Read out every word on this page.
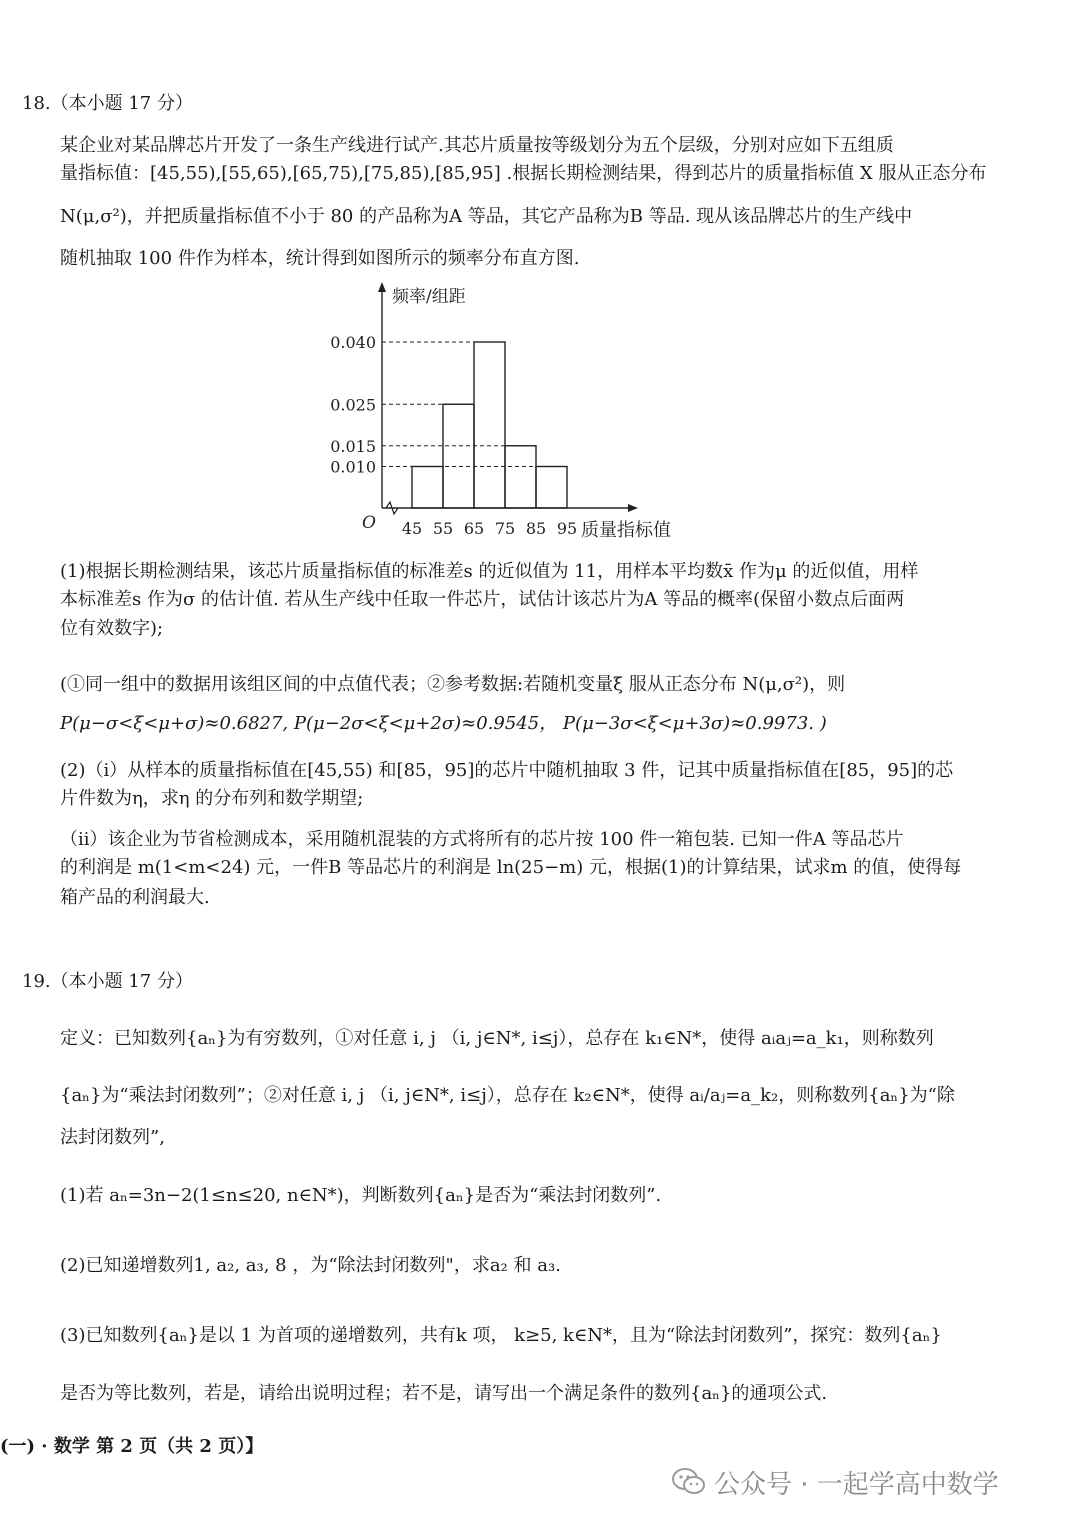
18.（本小题 17 分）
某企业对某品牌芯片开发了一条生产线进行试产.其芯片质量按等级划分为五个层级，分别对应如下五组质
量指标值：[45,55),[55,65),[65,75),[75,85),[85,95] .根据长期检测结果，得到芯片的质量指标值 X 服从正态分布
N(μ,σ²)，并把质量指标值不小于 80 的产品称为A 等品，其它产品称为B 等品. 现从该品牌芯片的生产线中
随机抽取 100 件作为样本，统计得到如图所示的频率分布直方图.
0.010
0.015
0.025
0.040
45 55 65 75 85 95
O
频率/组距
质量指标值
(1)根据长期检测结果，该芯片质量指标值的标准差s 的近似值为 11，用样本平均数x̄ 作为μ 的近似值，用样
本标准差s 作为σ 的估计值. 若从生产线中任取一件芯片，试估计该芯片为A 等品的概率(保留小数点后面两
位有效数字);
(①同一组中的数据用该组区间的中点值代表；②参考数据:若随机变量ξ 服从正态分布 N(μ,σ²)，则
P(μ−σ<ξ<μ+σ)≈0.6827, P(μ−2σ<ξ<μ+2σ)≈0.9545， P(μ−3σ<ξ<μ+3σ)≈0.9973. )
(2)（i）从样本的质量指标值在[45,55) 和[85，95]的芯片中随机抽取 3 件，记其中质量指标值在[85，95]的芯
片件数为η，求η 的分布列和数学期望;
（ii）该企业为节省检测成本，采用随机混装的方式将所有的芯片按 100 件一箱包装. 已知一件A 等品芯片
的利润是 m(1<m<24) 元，一件B 等品芯片的利润是 ln(25−m) 元，根据(1)的计算结果，试求m 的值，使得每
箱产品的利润最大.
19.（本小题 17 分）
定义：已知数列{aₙ}为有穷数列，①对任意 i, j （i, j∈N*, i≤j），总存在 k₁∈N*，使得 aᵢaⱼ=a_k₁，则称数列
{aₙ}为“乘法封闭数列”；②对任意 i, j （i, j∈N*, i≤j），总存在 k₂∈N*，使得 aᵢ/aⱼ=a_k₂，则称数列{aₙ}为“除
法封闭数列”,
(1)若 aₙ=3n−2(1≤n≤20, n∈N*)，判断数列{aₙ}是否为“乘法封闭数列”.
(2)已知递增数列1, a₂, a₃, 8 ，为“除法封闭数列"，求a₂ 和 a₃.
(3)已知数列{aₙ}是以 1 为首项的递增数列，共有k 项， k≥5, k∈N*，且为“除法封闭数列”，探究：数列{aₙ}
是否为等比数列，若是，请给出说明过程；若不是，请写出一个满足条件的数列{aₙ}的通项公式.
(一) · 数学 第 2 页（共 2 页）】
公众号 · 一起学高中数学
